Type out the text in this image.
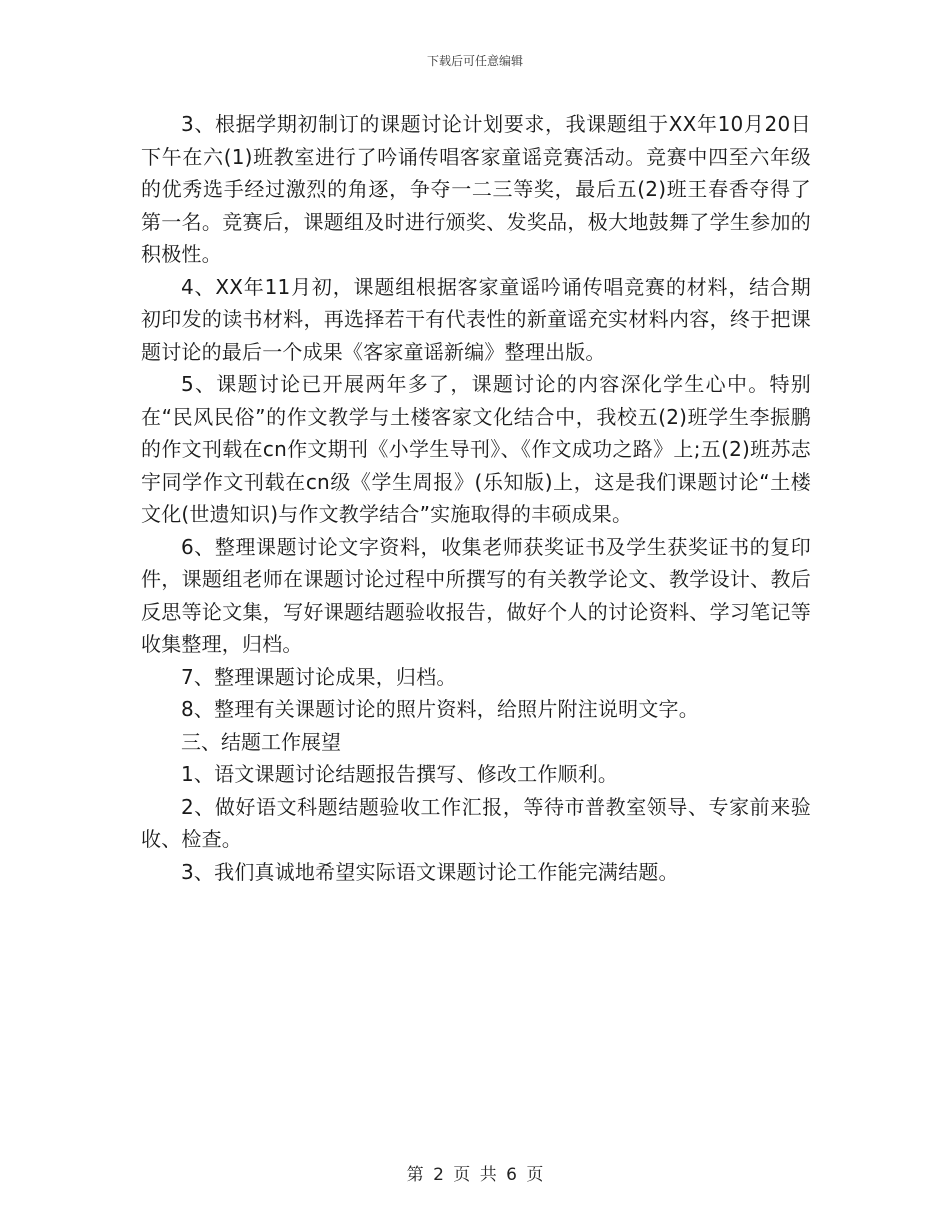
下载后可任意编辑

3、根据学期初制订的课题讨论计划要求，我课题组于XX年10月20日下午在六(1)班教室进行了吟诵传唱客家童谣竞赛活动。竞赛中四至六年级的优秀选手经过激烈的角逐，争夺一二三等奖，最后五(2)班王春香夺得了第一名。竞赛后，课题组及时进行颁奖、发奖品，极大地鼓舞了学生参加的积极性。

4、XX年11月初，课题组根据客家童谣吟诵传唱竞赛的材料，结合期初印发的读书材料，再选择若干有代表性的新童谣充实材料内容，终于把课题讨论的最后一个成果《客家童谣新编》整理出版。

5、课题讨论已开展两年多了，课题讨论的内容深化学生心中。特别在“民风民俗”的作文教学与土楼客家文化结合中，我校五(2)班学生李振鹏的作文刊载在cn作文期刊《小学生导刊》、《作文成功之路》上;五(2)班苏志宇同学作文刊载在cn级《学生周报》(乐知版)上，这是我们课题讨论“土楼文化(世遗知识)与作文教学结合”实施取得的丰硕成果。

6、整理课题讨论文字资料，收集老师获奖证书及学生获奖证书的复印件，课题组老师在课题讨论过程中所撰写的有关教学论文、教学设计、教后反思等论文集，写好课题结题验收报告，做好个人的讨论资料、学习笔记等收集整理，归档。

7、整理课题讨论成果，归档。

8、整理有关课题讨论的照片资料，给照片附注说明文字。

三、结题工作展望

1、语文课题讨论结题报告撰写、修改工作顺利。

2、做好语文科题结题验收工作汇报，等待市普教室领导、专家前来验收、检查。

3、我们真诚地希望实际语文课题讨论工作能完满结题。

第 2 页 共 6 页
